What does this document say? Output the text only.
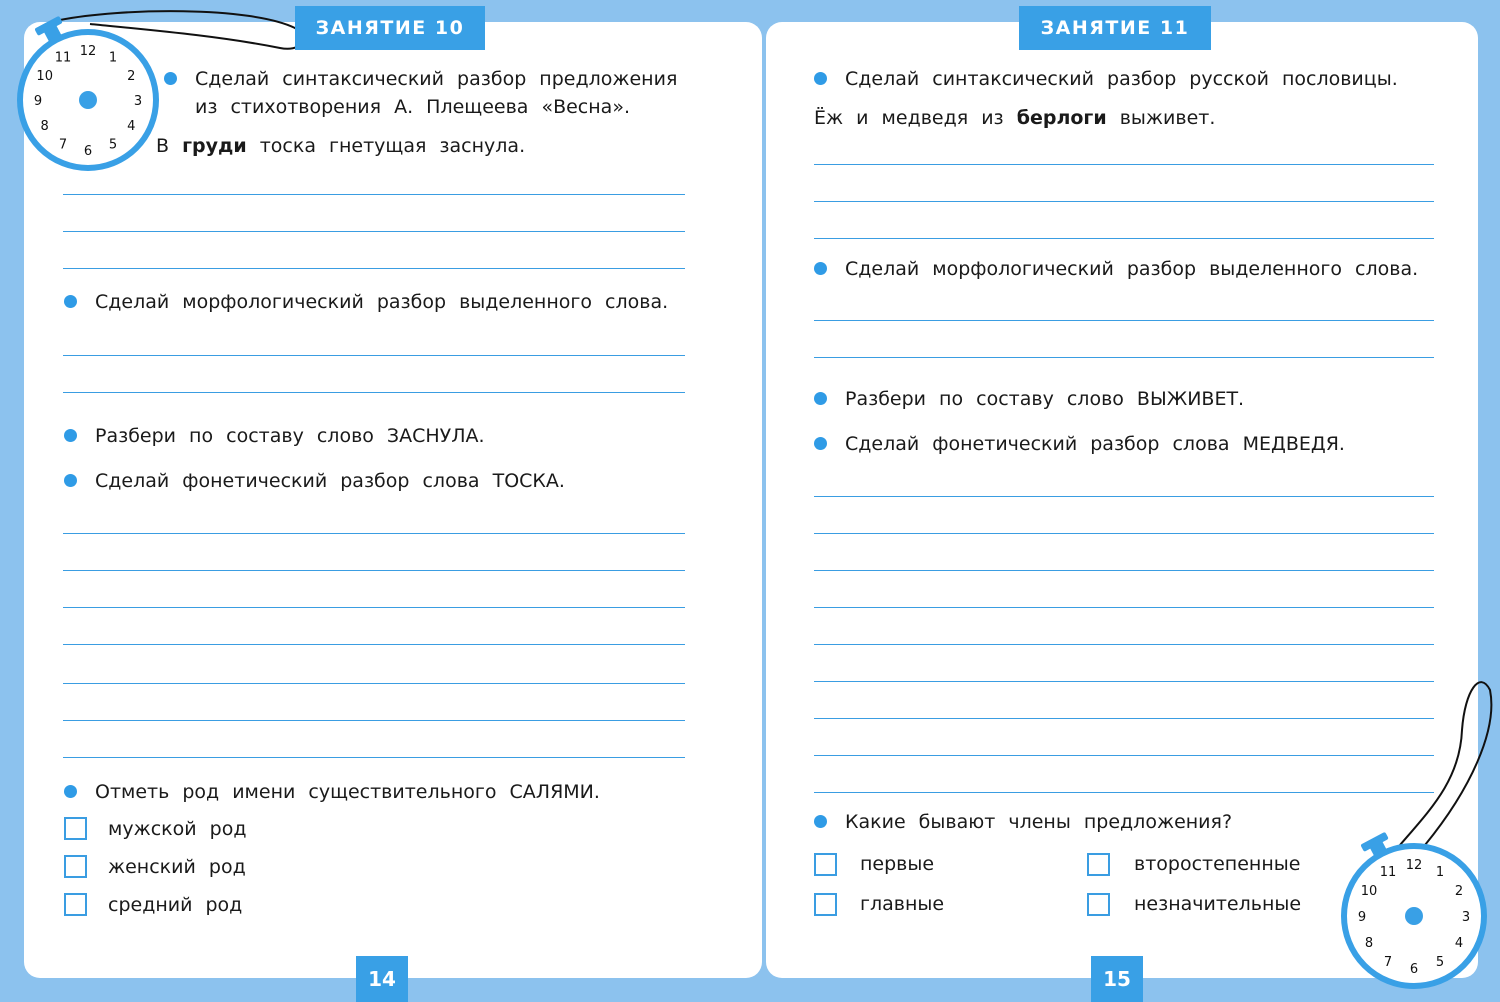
12 1
2
3
4
5
6
7
8
9
10
11
12 1
2
3
4
5
6
7
8
9
10
11
ЗАНЯТИЕ 10	ЗАНЯТИЕ 11
Сделай синтаксический разбор предложения
из стихотворения А. Плещеева «Весна».
В груди тоска гнетущая заснула.
Сделай морфологический разбор выделенного слова.
Разбери по составу слово ЗАСНУЛА.
Сделай фонетический разбор слова ТОСКА.
Отметь род имени существительного САЛЯМИ.
мужской род
женский род
средний род
14
Сделай синтаксический разбор русской пословицы.
Ёж и медведя из берлоги выживет.
Сделай морфологический разбор выделенного слова.
Разбери по составу слово ВЫЖИВЕТ.
Сделай фонетический разбор слова МЕДВЕДЯ.
Какие бывают члены предложения?
первые	второстепенные
главные	незначительные
15
